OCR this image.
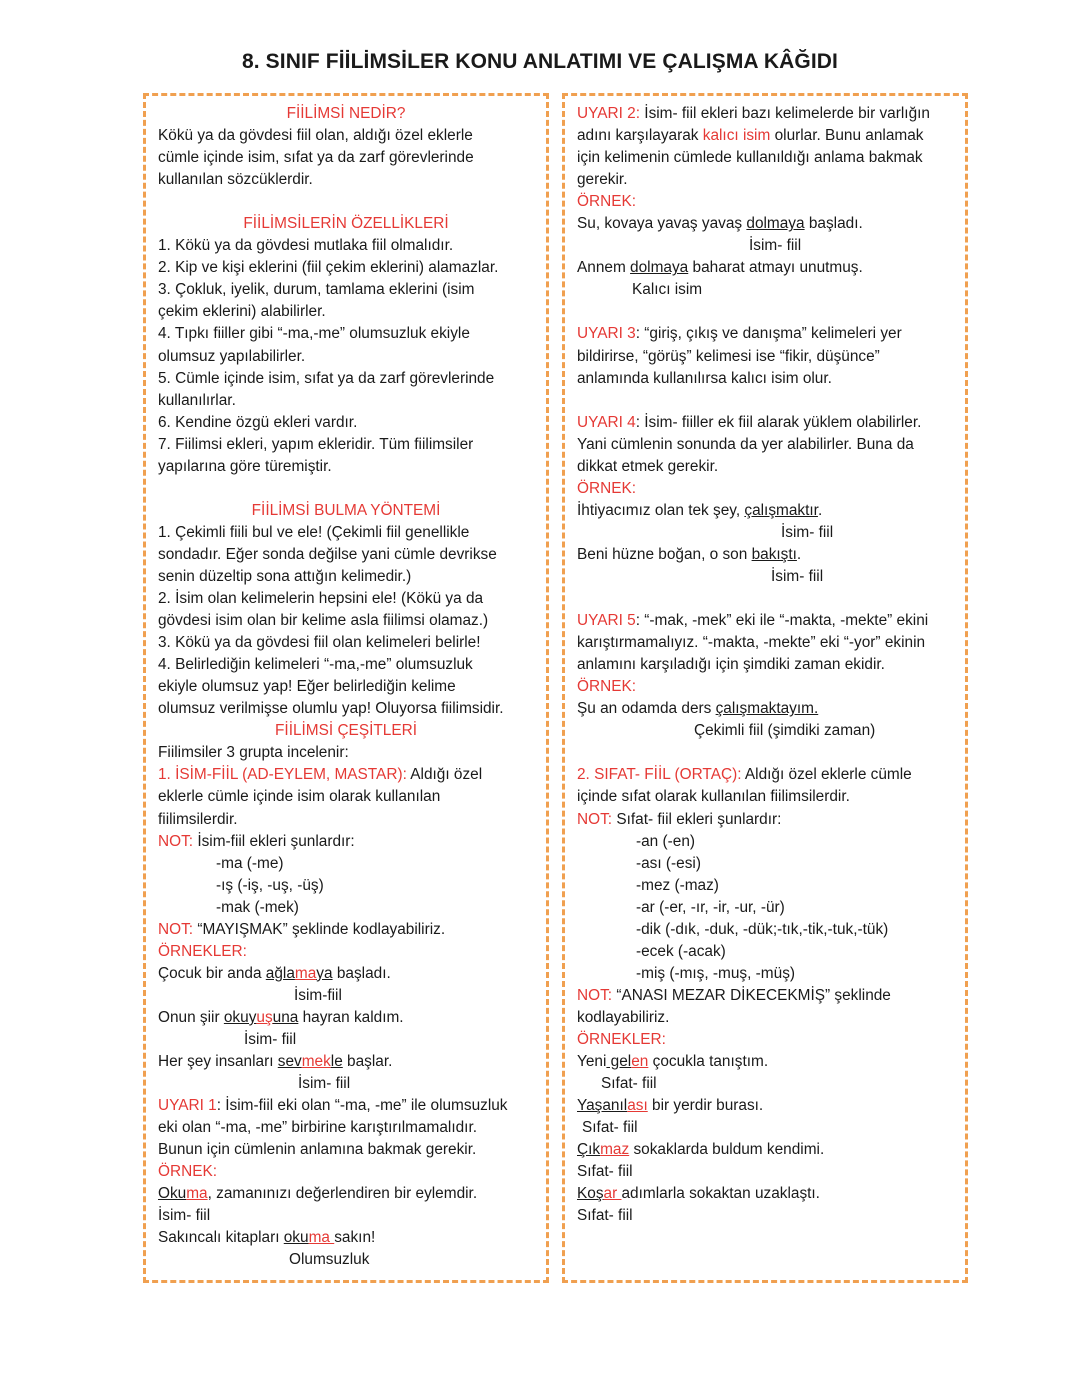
8. SINIF FİİLİMSİLER KONU ANLATIMI VE ÇALIŞMA KÂĞIDI
FİİLİMSİ NEDİR?
Kökü ya da gövdesi fiil olan, aldığı özel eklerle
cümle içinde isim, sıfat ya da zarf görevlerinde
kullanılan sözcüklerdir.
FİİLİMSİLERİN ÖZELLİKLERİ
1. Kökü ya da gövdesi mutlaka fiil olmalıdır.
2. Kip ve kişi eklerini (fiil çekim eklerini) alamazlar.
3. Çokluk, iyelik, durum, tamlama eklerini (isim
çekim eklerini) alabilirler.
4. Tıpkı fiiller gibi “-ma,-me” olumsuzluk ekiyle
olumsuz yapılabilirler.
5. Cümle içinde isim, sıfat ya da zarf görevlerinde
kullanılırlar.
6. Kendine özgü ekleri vardır.
7. Fiilimsi ekleri, yapım ekleridir. Tüm fiilimsiler
yapılarına göre türemiştir.
FİİLİMSİ BULMA YÖNTEMİ
1. Çekimli fiili bul ve ele! (Çekimli fiil genellikle
sondadır. Eğer sonda değilse yani cümle devrikse
senin düzeltip sona attığın kelimedir.)
2. İsim olan kelimelerin hepsini ele! (Kökü ya da
gövdesi isim olan bir kelime asla fiilimsi olamaz.)
3. Kökü ya da gövdesi fiil olan kelimeleri belirle!
4. Belirlediğin kelimeleri “-ma,-me” olumsuzluk
ekiyle olumsuz yap! Eğer belirlediğin kelime
olumsuz verilmişse olumlu yap! Oluyorsa fiilimsidir.
FİİLİMSİ ÇEŞİTLERİ
Fiilimsiler 3 grupta incelenir:
1. İSİM-FİİL (AD-EYLEM, MASTAR): Aldığı özel
eklerle cümle içinde isim olarak kullanılan
fiilimsilerdir.
NOT: İsim-fiil ekleri şunlardır:
-ma (-me)
-ış (-iş, -uş, -üş)
-mak (-mek)
NOT: “MAYIŞMAK” şeklinde kodlayabiliriz.
ÖRNEKLER:
Çocuk bir anda ağlamaya başladı.
İsim-fiil
Onun şiir okuyuşuna hayran kaldım.
İsim- fiil
Her şey insanları sevmekle başlar.
İsim- fiil
UYARI 1: İsim-fiil eki olan “-ma, -me” ile olumsuzluk
eki olan “-ma, -me” birbirine karıştırılmamalıdır.
Bunun için cümlenin anlamına bakmak gerekir.
ÖRNEK:
Okuma, zamanınızı değerlendiren bir eylemdir.
İsim- fiil
Sakıncalı kitapları okuma sakın!
Olumsuzluk
UYARI 2: İsim- fiil ekleri bazı kelimelerde bir varlığın
adını karşılayarak kalıcı isim olurlar. Bunu anlamak
için kelimenin cümlede kullanıldığı anlama bakmak
gerekir.
ÖRNEK:
Su, kovaya yavaş yavaş dolmaya başladı.
İsim- fiil
Annem dolmaya baharat atmayı unutmuş.
Kalıcı isim
UYARI 3: “giriş, çıkış ve danışma” kelimeleri yer
bildirirse, “görüş” kelimesi ise “fikir, düşünce”
anlamında kullanılırsa kalıcı isim olur.
UYARI 4: İsim- fiiller ek fiil alarak yüklem olabilirler.
Yani cümlenin sonunda da yer alabilirler. Buna da
dikkat etmek gerekir.
ÖRNEK:
İhtiyacımız olan tek şey, çalışmaktır.
İsim- fiil
Beni hüzne boğan, o son bakıştı.
İsim- fiil
UYARI 5: “-mak, -mek” eki ile “-makta, -mekte” ekini
karıştırmamalıyız. “-makta, -mekte” eki “-yor” ekinin
anlamını karşıladığı için şimdiki zaman ekidir.
ÖRNEK:
Şu an odamda ders çalışmaktayım.
Çekimli fiil (şimdiki zaman)
2. SIFAT- FİİL (ORTAÇ): Aldığı özel eklerle cümle
içinde sıfat olarak kullanılan fiilimsilerdir.
NOT: Sıfat- fiil ekleri şunlardır:
-an (-en)
-ası (-esi)
-mez (-maz)
-ar (-er, -ır, -ir, -ur, -ür)
-dik (-dık, -duk, -dük;-tık,-tik,-tuk,-tük)
-ecek (-acak)
-miş (-mış, -muş, -müş)
NOT: “ANASI MEZAR DİKECEKMİŞ” şeklinde
kodlayabiliriz.
ÖRNEKLER:
Yeni gelen çocukla tanıştım.
Sıfat- fiil
Yaşanılası bir yerdir burası.
Sıfat- fiil
Çıkmaz sokaklarda buldum kendimi.
Sıfat- fiil
Koşar adımlarla sokaktan uzaklaştı.
Sıfat- fiil
